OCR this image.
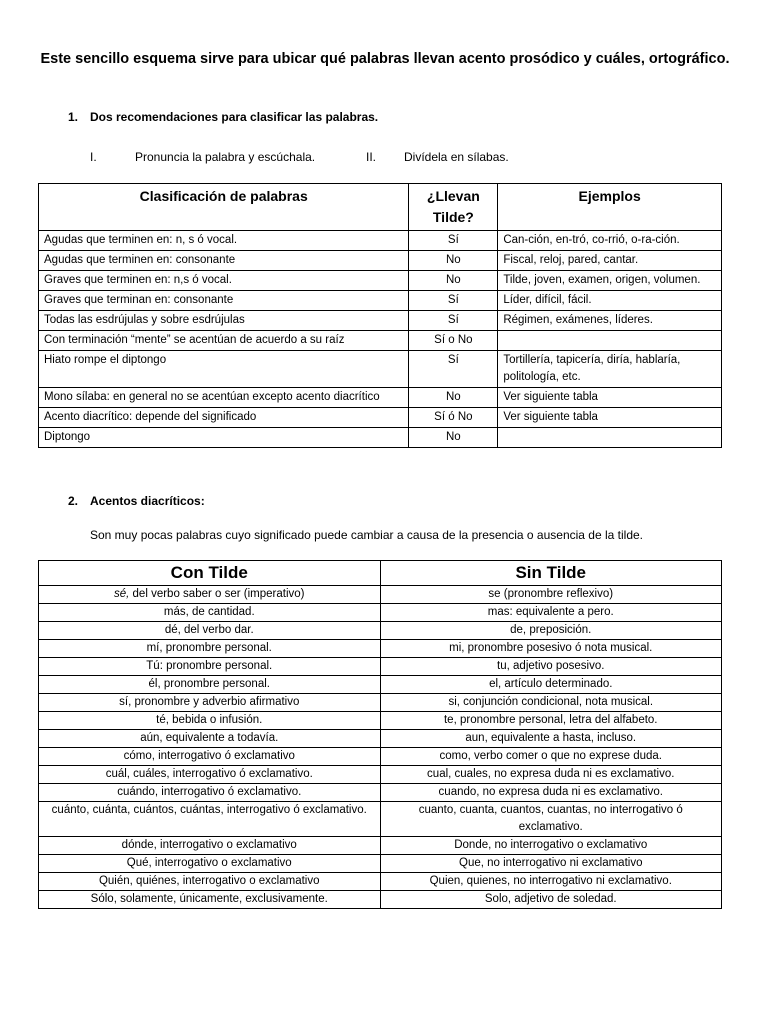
Este sencillo esquema sirve para ubicar qué palabras llevan acento prosódico y cuáles, ortográfico.
1. Dos recomendaciones para clasificar las palabras.
I.	Pronuncia la palabra y escúchala.	II. Divídela en sílabas.
Clasificación de palabras	¿Llevan Tilde?	Ejemplos
Agudas que terminen en: n, s ó vocal.	Sí	Can-ción, en-tró, co-rrió, o-ra-ción.
Agudas que terminen en: consonante	No	Fiscal, reloj, pared, cantar.
Graves que terminen en: n,s ó vocal.	No	Tilde, joven, examen, origen, volumen.
Graves que terminan en: consonante	Sí	Líder, difícil, fácil.
Todas las esdrújulas y sobre esdrújulas	Sí	Régimen, exámenes, líderes.
Con terminación “mente” se acentúan de acuerdo a su raíz	Sí o No	
Hiato rompe el diptongo	Sí	Tortillería, tapicería, diría, hablaría, politología, etc.
Mono sílaba: en general no se acentúan excepto acento diacrítico	No	Ver siguiente tabla
Acento diacrítico: depende del significado	Sí ó No	Ver siguiente tabla
Diptongo	No	
2. Acentos diacríticos:
Son muy pocas palabras cuyo significado puede cambiar a causa de la presencia o ausencia de la tilde.
Con Tilde	Sin Tilde
sé, del verbo saber o ser (imperativo)	se (pronombre reflexivo)
más, de cantidad.	mas: equivalente a pero.
dé, del verbo dar.	de, preposición.
mí, pronombre personal.	mi, pronombre posesivo ó nota musical.
Tú: pronombre personal.	tu, adjetivo posesivo.
él, pronombre personal.	el, artículo determinado.
sí, pronombre y adverbio afirmativo	si, conjunción condicional, nota musical.
té, bebida o infusión.	te, pronombre personal, letra del alfabeto.
aún, equivalente a todavía.	aun, equivalente a hasta, incluso.
cómo, interrogativo ó exclamativo	como, verbo comer o que no exprese duda.
cuál, cuáles, interrogativo ó exclamativo.	cual, cuales, no expresa duda ni es exclamativo.
cuándo, interrogativo ó exclamativo.	cuando, no expresa duda ni es exclamativo.
cuánto, cuánta, cuántos, cuántas, interrogativo ó exclamativo.	cuanto, cuanta, cuantos, cuantas, no interrogativo ó exclamativo.
dónde, interrogativo o exclamativo	Donde, no interrogativo o exclamativo
Qué, interrogativo o exclamativo	Que, no interrogativo ni exclamativo
Quién, quiénes, interrogativo o exclamativo	Quien, quienes, no interrogativo ni exclamativo.
Sólo, solamente, únicamente, exclusivamente.	Solo, adjetivo de soledad.
